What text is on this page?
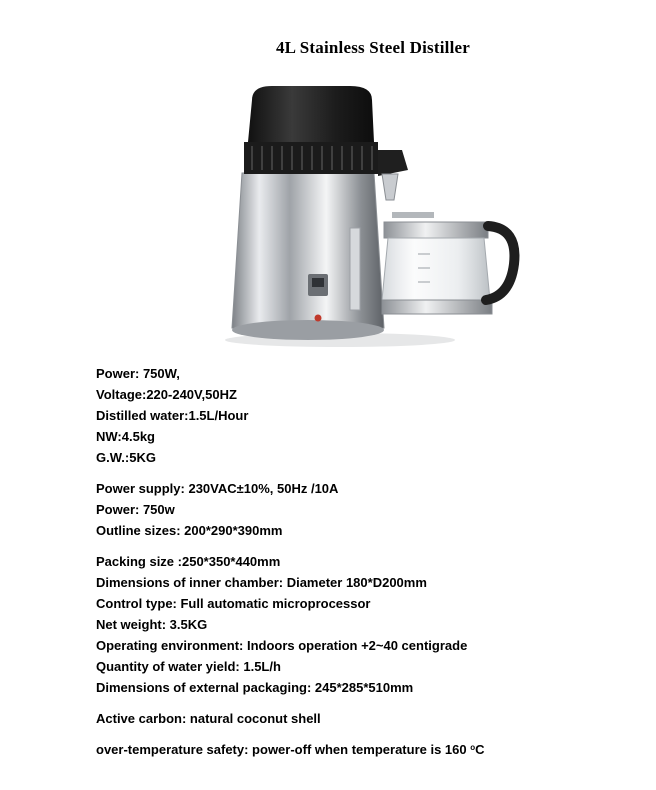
4L Stainless Steel Distiller
Power: 750W,
Voltage:220-240V,50HZ
Distilled water:1.5L/Hour
NW:4.5kg
G.W.:5KG
Power supply: 230VAC±10%, 50Hz /10A
Power: 750w
Outline sizes: 200*290*390mm
Packing size :250*350*440mm
Dimensions of inner chamber: Diameter 180*D200mm
Control type: Full automatic microprocessor
Net weight: 3.5KG
Operating environment: Indoors operation +2~40 centigrade
Quantity of water yield: 1.5L/h
Dimensions of external packaging: 245*285*510mm
Active carbon: natural coconut shell
over-temperature safety: power-off when temperature is 160 $^o$C
